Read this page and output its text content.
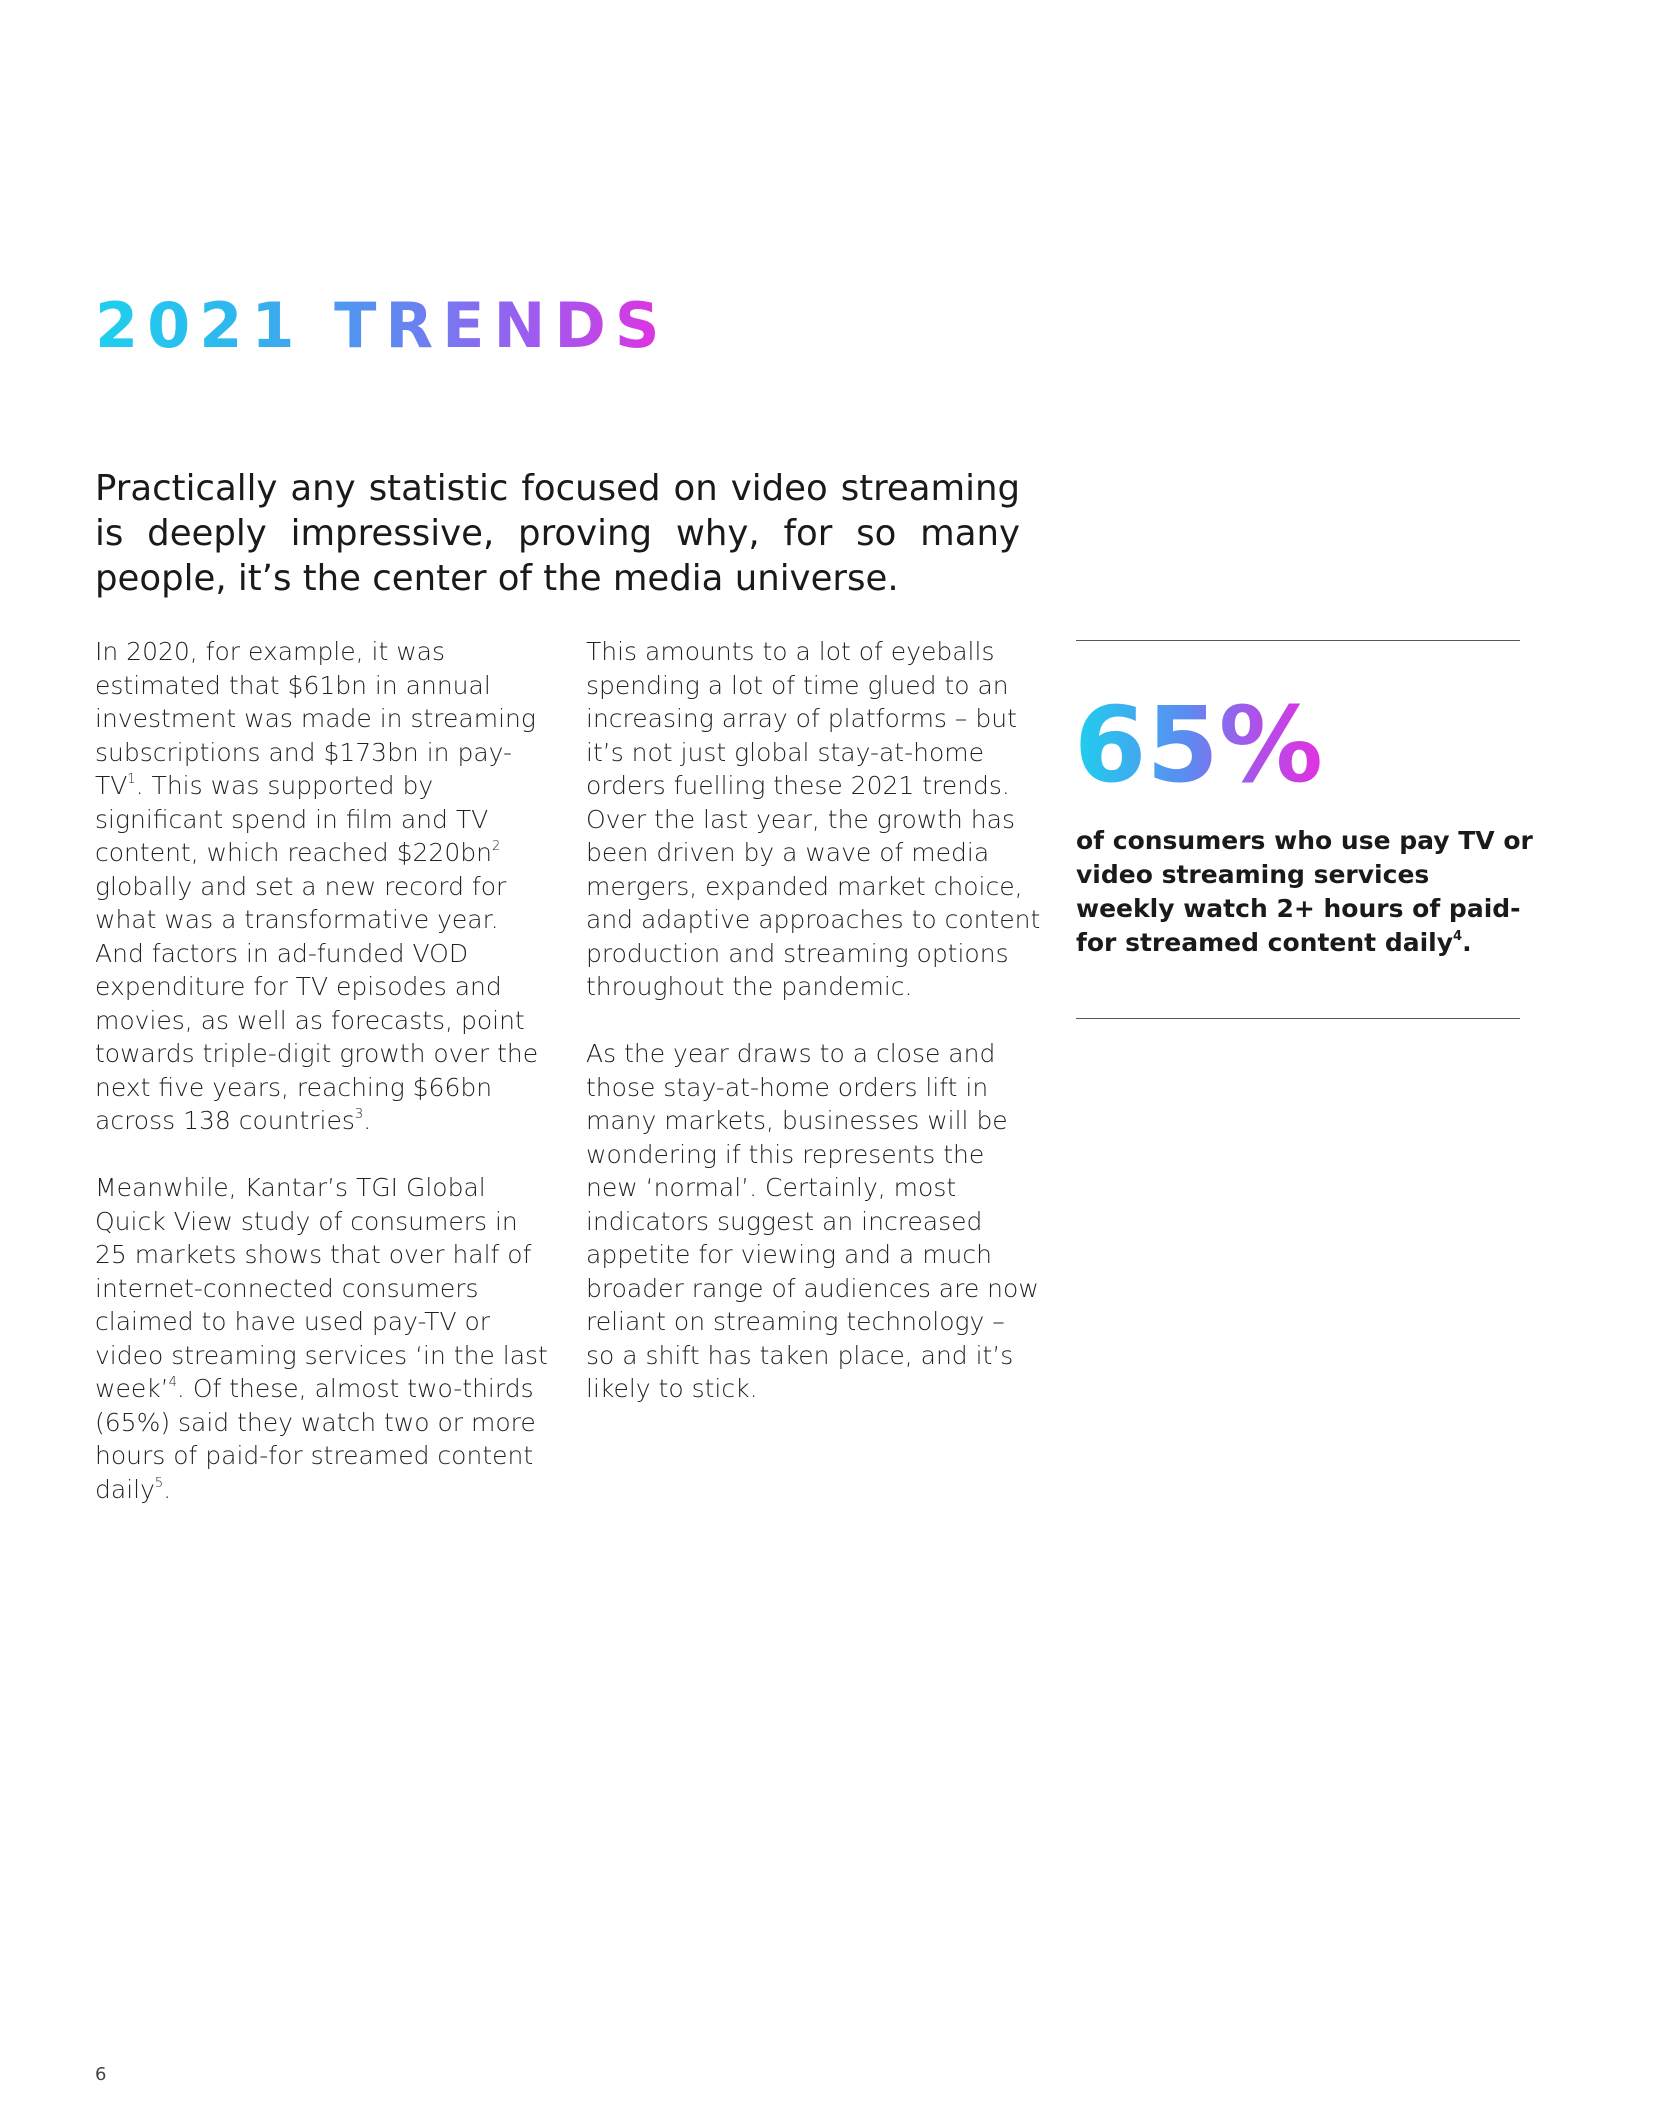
2021 TRENDS

Practically any statistic focused on video streaming is deeply impressive, proving why, for so many people, it’s the center of the media universe.

In 2020, for example, it was estimated that $61bn in annual investment was made in streaming subscriptions and $173bn in pay-$TV^1$. This was supported by significant spend in film and TV content, which reached $\$220bn^2$ globally and set a new record for what was a transformative year. And factors in ad-funded VOD expenditure for TV episodes and movies, as well as forecasts, point towards triple-digit growth over the next five years, reaching $66bn across 138 countries$^3$.

Meanwhile, Kantar’s TGI Global Quick View study of consumers in 25 markets shows that over half of internet-connected consumers claimed to have used pay-TV or video streaming services ‘in the last week’$^4$. Of these, almost two-thirds (65%) said they watch two or more hours of paid-for streamed content daily$^5$.

This amounts to a lot of eyeballs spending a lot of time glued to an increasing array of platforms – but it’s not just global stay-at-home orders fuelling these 2021 trends. Over the last year, the growth has been driven by a wave of media mergers, expanded market choice, and adaptive approaches to content production and streaming options throughout the pandemic.

As the year draws to a close and those stay-at-home orders lift in many markets, businesses will be wondering if this represents the new ‘normal’. Certainly, most indicators suggest an increased appetite for viewing and a much broader range of audiences are now reliant on streaming technology – so a shift has taken place, and it’s likely to stick.

65%

of consumers who use pay TV or video streaming services weekly watch 2+ hours of paid-for streamed content daily$^4$.

6
